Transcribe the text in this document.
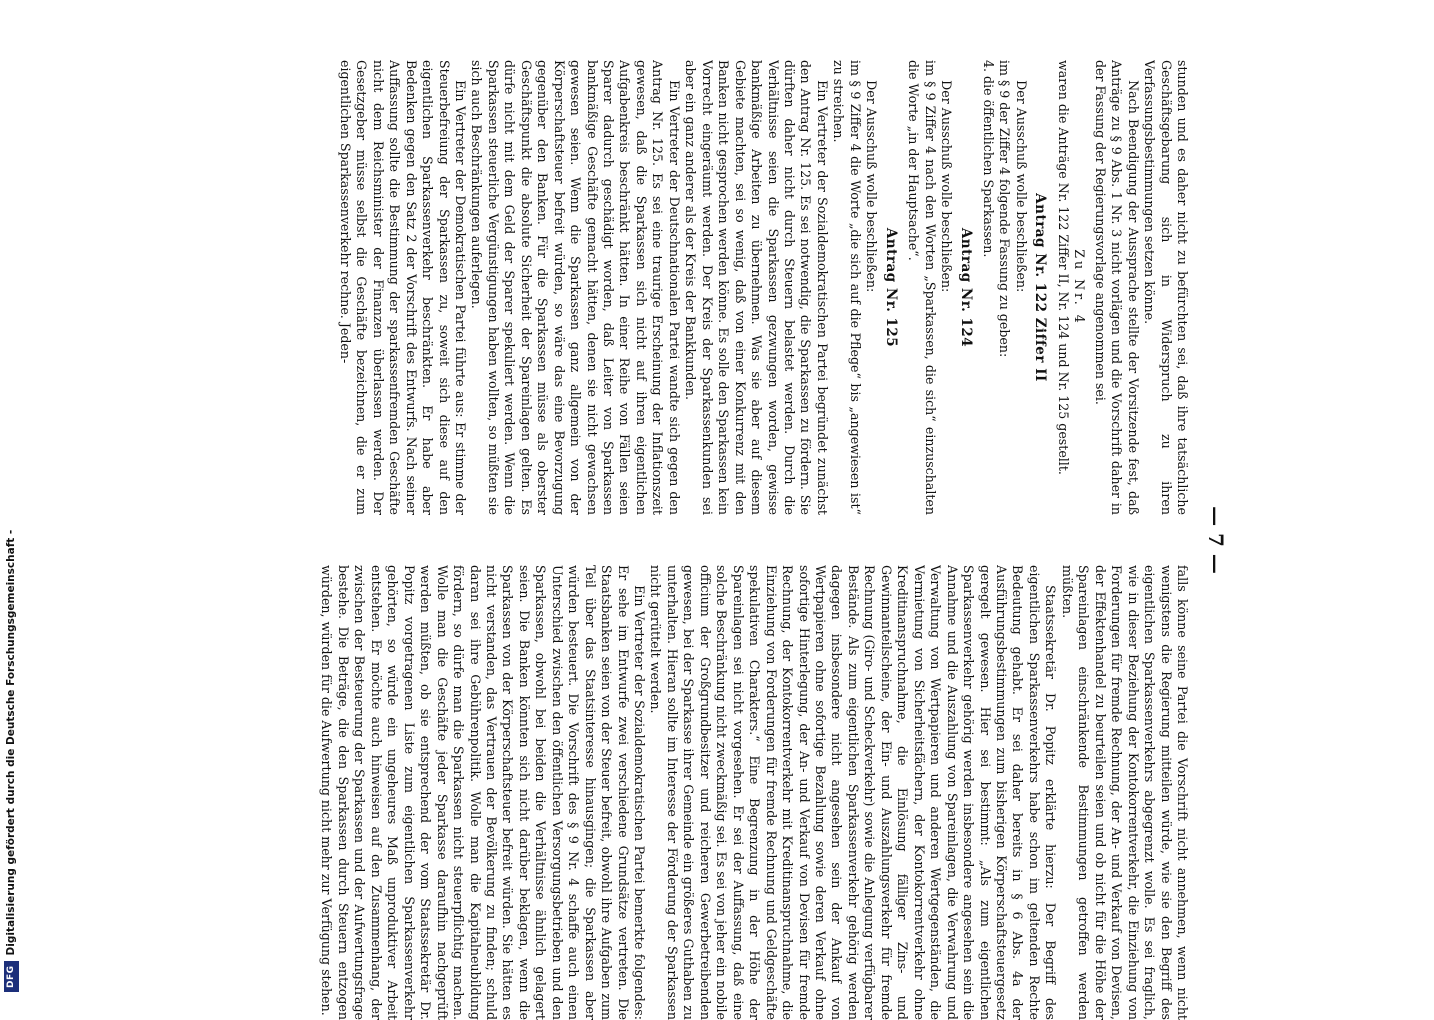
— 7 —

stunden und es daher nicht zu befürchten sei, daß ihre tatsächliche Geschäftsgebarung sich in Widerspruch zu ihren Verfassungsbestimmungen setzen könne.

Nach Beendigung der Aussprache stellte der Vorsitzende fest, daß Anträge zu § 9 Abs. 1 Nr. 3 nicht vorlägen und die Vorschrift daher in der Fassung der Regierungsvorlage angenommen sei.

Zu Nr. 4

waren die Anträge Nr. 122 Ziffer II, Nr. 124 und Nr. 125 gestellt.

Antrag Nr. 122 Ziffer II

Der Ausschuß wolle beschließen:

im § 9 der Ziffer 4 folgende Fassung zu geben:

4. die öffentlichen Sparkassen.

Antrag Nr. 124

Der Ausschuß wolle beschließen:

im § 9 Ziffer 4 nach den Worten „Sparkassen, die sich“ einzuschalten die Worte „in der Hauptsache“.

Antrag Nr. 125

Der Ausschuß wolle beschließen:

im § 9 Ziffer 4 die Worte „die sich auf die Pflege“ bis „angewiesen ist“ zu streichen.

Ein Vertreter der Sozialdemokratischen Partei begründet zunächst den Antrag Nr. 125. Es sei notwendig, die Sparkassen zu fördern. Sie dürften daher nicht durch Steuern belastet werden. Durch die Verhältnisse seien die Sparkassen gezwungen worden, gewisse bankmäßige Arbeiten zu übernehmen. Was sie aber auf diesem Gebiete machten, sei so wenig, daß von einer Konkurrenz mit den Banken nicht gesprochen werden könne. Es solle den Sparkassen kein Vorrecht eingeräumt werden. Der Kreis der Sparkassenkunden sei aber ein ganz anderer als der Kreis der Bankkunden.

Ein Vertreter der Deutschnationalen Partei wandte sich gegen den Antrag Nr. 125. Es sei eine traurige Erscheinung der Inflationszeit gewesen, daß die Sparkassen sich nicht auf ihren eigentlichen Aufgabenkreis beschränkt hätten. In einer Reihe von Fällen seien Sparer dadurch geschädigt worden, daß Leiter von Sparkassen bankmäßige Geschäfte gemacht hätten, denen sie nicht gewachsen gewesen seien. Wenn die Sparkassen ganz allgemein von der Körperschaftsteuer befreit würden, so wäre das eine Bevorzugung gegenüber den Banken. Für die Sparkassen müsse als oberster Geschäftspunkt die absolute Sicherheit der Spareinlagen gelten. Es dürfe nicht mit dem Geld der Sparer spekuliert werden. Wenn die Sparkassen steuerliche Vergünstigungen haben wollten, so müßten sie sich auch Beschränkungen auferlegen.

Ein Vertreter der Demokratischen Partei führte aus: Er stimme der Steuerbefreiung der Sparkassen zu, soweit sich diese auf den eigentlichen Sparkassenverkehr beschränkten. Er habe aber Bedenken gegen den Satz 2 der Vorschrift des Entwurfs. Nach seiner Auffassung sollte die Bestimmung der sparkassenfremden Geschäfte nicht dem Reichsminister der Finanzen überlassen werden. Der Gesetzgeber müsse selbst die Geschäfte bezeichnen, die er zum eigentlichen Sparkassenverkehr rechne. Jeden-

falls könne seine Partei die Vorschrift nicht annehmen, wenn nicht wenigstens die Regierung mitteilen würde, wie sie den Begriff des eigentlichen Sparkassenverkehrs abgegrenzt wolle. Es sei fraglich, wie in dieser Beziehung der Kontokorrentverkehr, die Einziehung von Forderungen für fremde Rechnung, der An- und Verkauf von Devisen, der Effektenhandel zu beurteilen seien und ob nicht für die Höhe der Spareinlagen einschränkende Bestimmungen getroffen werden müßten.

Staatssekretär Dr. Popitz erklärte hierzu: Der Begriff des eigentlichen Sparkassenverkehrs habe schon im geltenden Rechte Bedeutung gehabt. Er sei daher bereits in § 6 Abs. 4a der Ausführungsbestimmungen zum bisherigen Körperschaftsteuergesetz geregelt gewesen. Hier sei bestimmt: „Als zum eigentlichen Sparkassenverkehr gehörig werden insbesondere angesehen sein die Annahme und die Auszahlung von Spareinlagen, die Verwahrung und Verwaltung von Wertpapieren und anderen Wertgegenständen, die Vermietung von Sicherheitsfächern, der Kontokorrentverkehr ohne Kreditinanspruchnahme, die Einlösung fälliger Zins- und Gewinnanteilscheine, der Ein- und Auszahlungsverkehr für fremde Rechnung (Giro- und Scheckverkehr) sowie die Anlegung verfügbarer Bestände. Als zum eigentlichen Sparkassenverkehr gehörig werden dagegen insbesondere nicht angesehen sein der Ankauf von Wertpapieren ohne sofortige Bezahlung sowie deren Verkauf ohne sofortige Hinterlegung, der An- und Verkauf von Devisen für fremde Rechnung, der Kontokorrentverkehr mit Kreditinanspruchnahme, die Einziehung von Forderungen für fremde Rechnung und Geldgeschäfte spekulativen Charakters.“ Eine Begrenzung in der Höhe der Spareinlagen sei nicht vorgesehen. Er sei der Auffassung, daß eine solche Beschränkung nicht zweckmäßig sei. Es sei von jeher ein nobile officium der Großgrundbesitzer und reicheren Gewerbetreibenden gewesen, bei der Sparkasse ihrer Gemeinde ein größeres Guthaben zu unterhalten. Hieran sollte im Interesse der Förderung der Sparkassen nicht gerüttelt werden.

Ein Vertreter der Sozialdemokratischen Partei bemerkte folgendes: Er sehe im Entwurfe zwei verschiedene Grundsätze vertreten. Die Staatsbanken seien von der Steuer befreit, obwohl ihre Aufgaben zum Teil über das Staatsinteresse hinausgingen; die Sparkassen aber würden besteuert. Die Vorschrift des § 9 Nr. 4 schaffe auch einen Unterschied zwischen den öffentlichen Versorgungsbetrieben und den Sparkassen, obwohl bei beiden die Verhältnisse ähnlich gelagert seien. Die Banken könnten sich nicht darüber beklagen, wenn die Sparkassen von der Körperschaftsteuer befreit würden. Sie hätten es nicht verstanden, das Vertrauen der Bevölkerung zu finden; schuld daran sei ihre Gebührenpolitik. Wolle man die Kapitalneubildung fördern, so dürfe man die Sparkassen nicht steuerpflichtig machen. Wolle man die Geschäfte jeder Sparkasse daraufhin nachgeprüft werden müßten, ob sie entsprechend der vom Staatssekretär Dr. Popitz vorgetragenen Liste zum eigentlichen Sparkassenverkehr gehörten, so würde ein ungeheures Maß unproduktiver Arbeit entstehen. Er möchte auch hinweisen auf den Zusammenhang, der zwischen der Besteuerung der Sparkassen und der Aufwertungsfrage bestehe. Die Beträge, die den Sparkassen durch Steuern entzogen würden, würden für die Aufwertung nicht mehr zur Verfügung stehen.

DFG
Digitalisierung gefördert durch die Deutsche Forschungsgemeinschaft -
